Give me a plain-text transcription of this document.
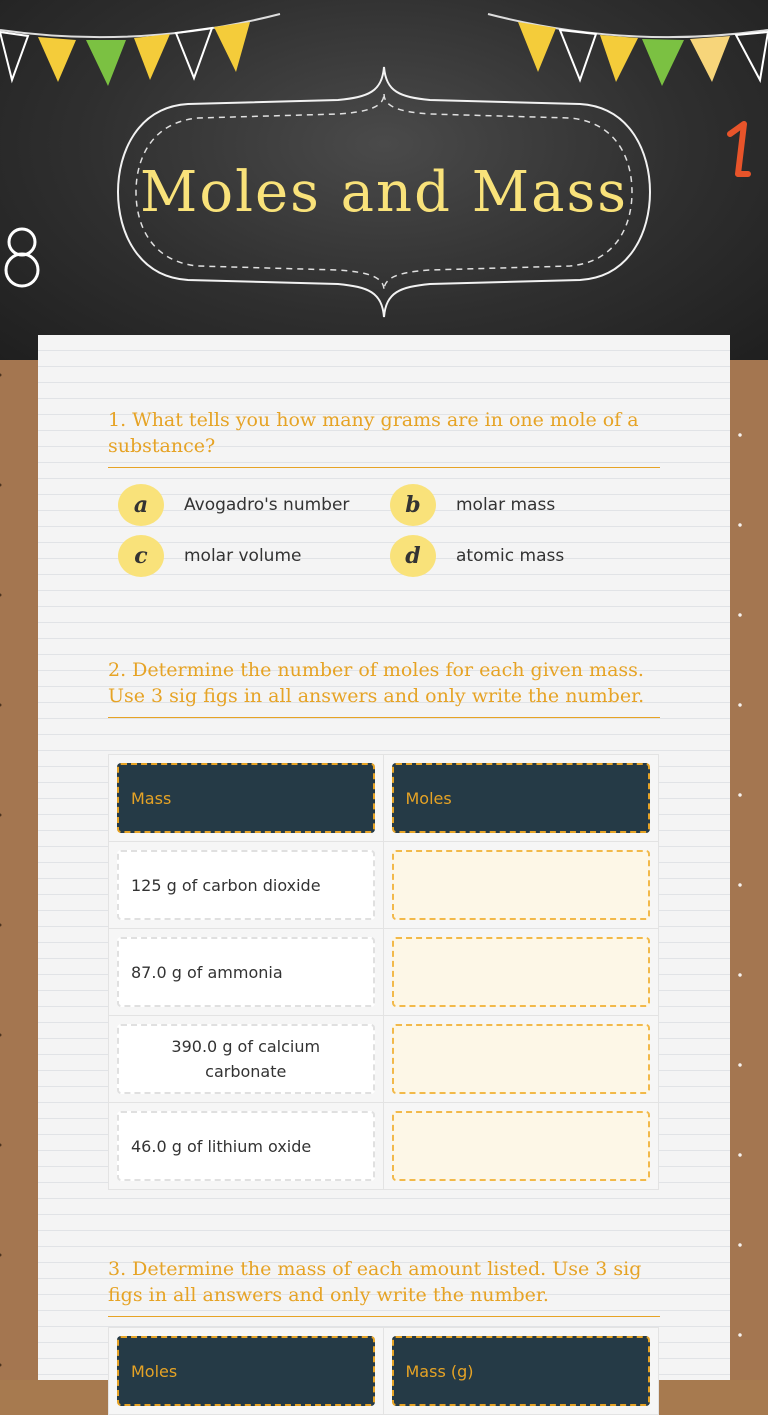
Moles and Mass
1
8
1. What tells you how many grams are in one mole of a substance?
a	Avogadro's number	b	molar mass
c	molar volume	d	atomic mass
2. Determine the number of moles for each given mass. Use 3 sig figs in all answers and only write the number.
Mass	Moles
125 g of carbon dioxide
87.0 g of ammonia
390.0 g of calcium carbonate
46.0 g of lithium oxide
3. Determine the mass of each amount listed. Use 3 sig figs in all answers and only write the number.
Moles	Mass (g)
